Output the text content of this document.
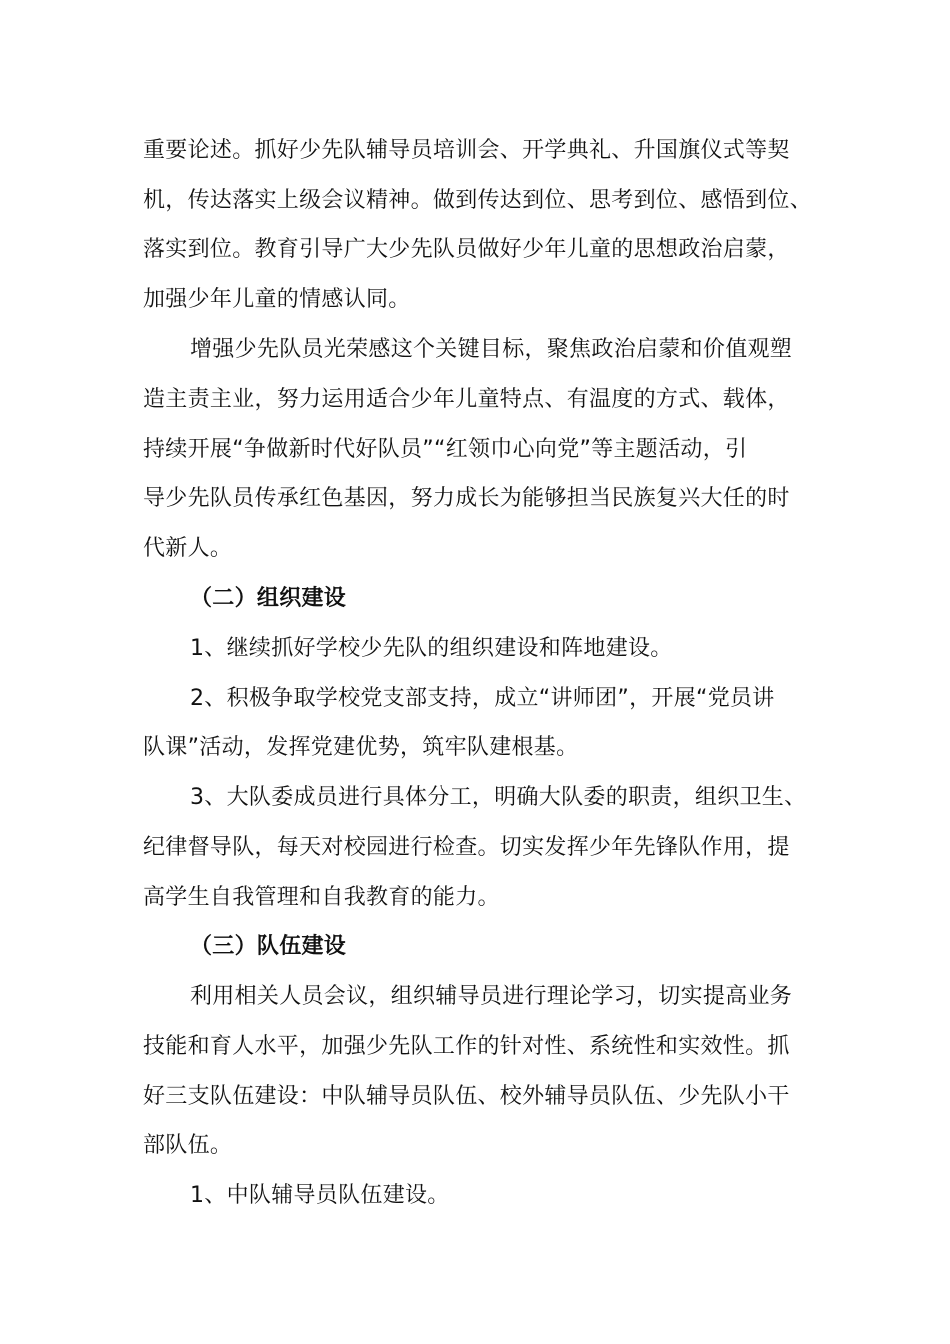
重要论述。抓好少先队辅导员培训会、开学典礼、升国旗仪式等契
机，传达落实上级会议精神。做到传达到位、思考到位、感悟到位、
落实到位。教育引导广大少先队员做好少年儿童的思想政治启蒙，
加强少年儿童的情感认同。
增强少先队员光荣感这个关键目标，聚焦政治启蒙和价值观塑
造主责主业，努力运用适合少年儿童特点、有温度的方式、载体，
持续开展“争做新时代好队员”“红领巾心向党”等主题活动，引
导少先队员传承红色基因，努力成长为能够担当民族复兴大任的时
代新人。
（二）组织建设
1、继续抓好学校少先队的组织建设和阵地建设。
2、积极争取学校党支部支持，成立“讲师团”，开展“党员讲
队课”活动，发挥党建优势，筑牢队建根基。
3、大队委成员进行具体分工，明确大队委的职责，组织卫生、
纪律督导队，每天对校园进行检查。切实发挥少年先锋队作用，提
高学生自我管理和自我教育的能力。
（三）队伍建设
利用相关人员会议，组织辅导员进行理论学习，切实提高业务
技能和育人水平，加强少先队工作的针对性、系统性和实效性。抓
好三支队伍建设：中队辅导员队伍、校外辅导员队伍、少先队小干
部队伍。
1、中队辅导员队伍建设。
